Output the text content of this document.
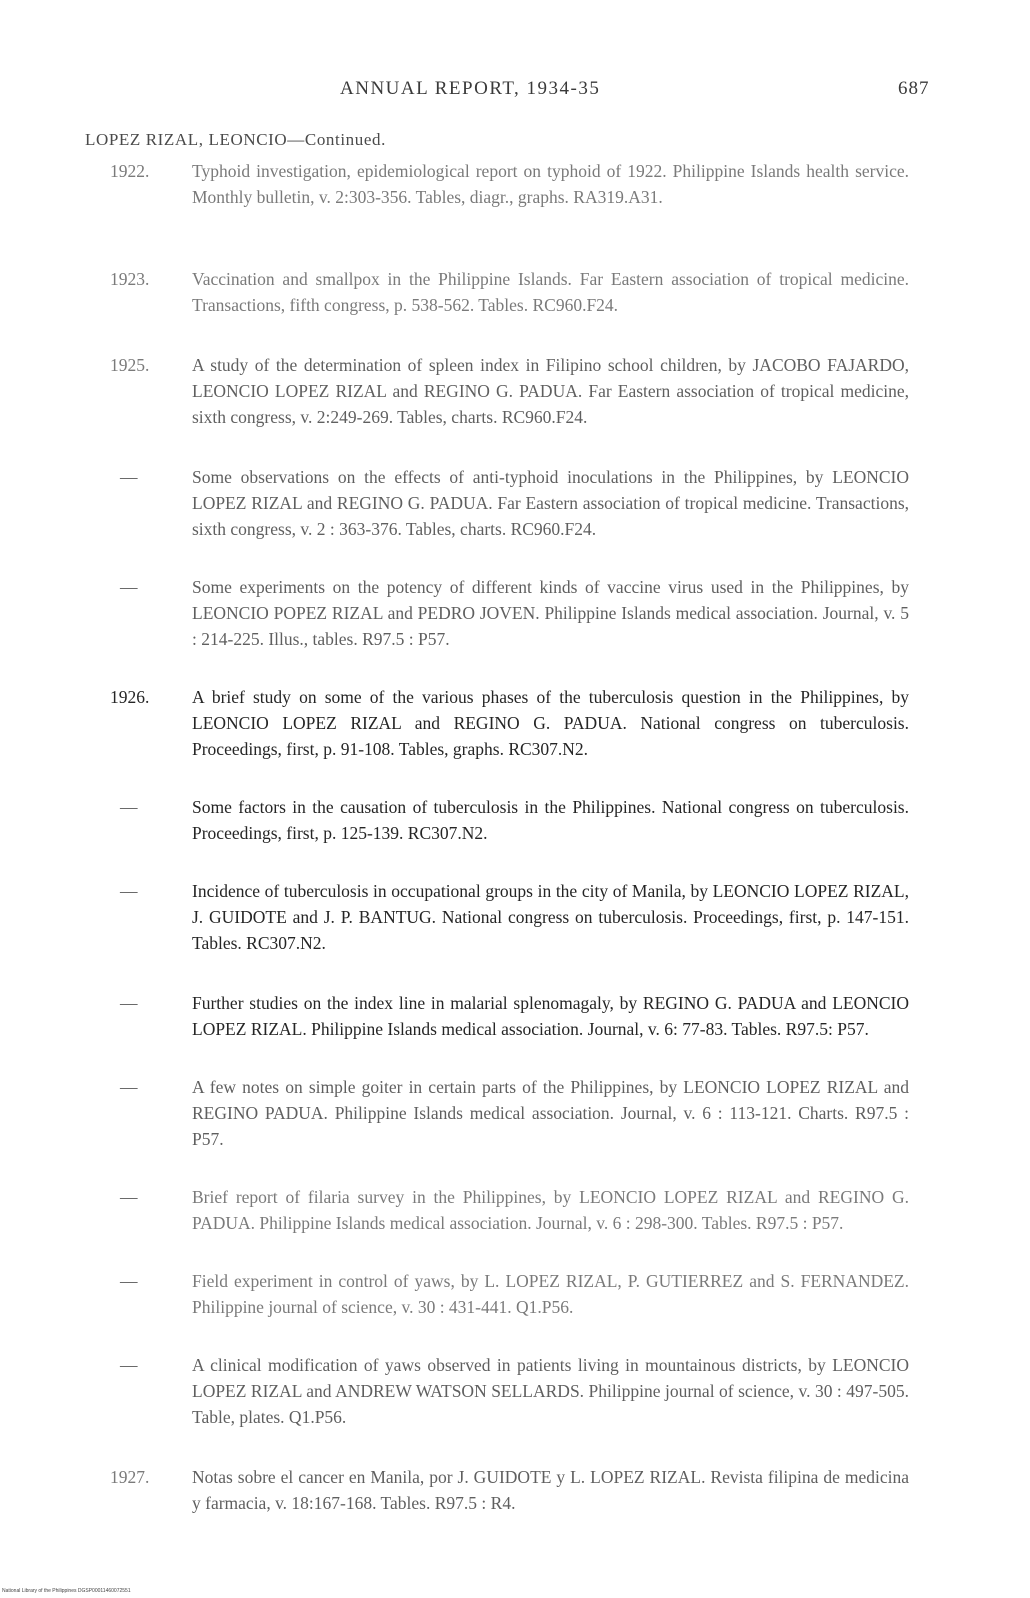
ANNUAL REPORT, 1934-35	687
LOPEZ RIZAL, LEONCIO—Continued.
1922.	Typhoid investigation, epidemiological report on typhoid of 1922. Philippine Islands health service. Monthly bulletin, v. 2:303-356. Tables, diagr., graphs. RA319.A31.
1923.	Vaccination and smallpox in the Philippine Islands. Far Eastern association of tropical medicine. Transactions, fifth congress, p. 538-562. Tables. RC960.F24.
1925.	A study of the determination of spleen index in Filipino school children, by JACOBO FAJARDO, LEONCIO LOPEZ RIZAL and REGINO G. PADUA. Far Eastern association of tropical medicine, sixth congress, v. 2:249-269. Tables, charts. RC960.F24.
—	Some observations on the effects of anti-typhoid inoculations in the Philippines, by LEONCIO LOPEZ RIZAL and REGINO G. PADUA. Far Eastern association of tropical medicine. Transactions, sixth congress, v. 2 : 363-376. Tables, charts. RC960.F24.
—	Some experiments on the potency of different kinds of vaccine virus used in the Philippines, by LEONCIO POPEZ RIZAL and PEDRO JOVEN. Philippine Islands medical association. Journal, v. 5 : 214-225. Illus., tables. R97.5 : P57.
1926.	A brief study on some of the various phases of the tuberculosis question in the Philippines, by LEONCIO LOPEZ RIZAL and REGINO G. PADUA. National congress on tuberculosis. Proceedings, first, p. 91-108. Tables, graphs. RC307.N2.
—	Some factors in the causation of tuberculosis in the Philippines. National congress on tuberculosis. Proceedings, first, p. 125-139. RC307.N2.
—	Incidence of tuberculosis in occupational groups in the city of Manila, by LEONCIO LOPEZ RIZAL, J. GUIDOTE and J. P. BANTUG. National congress on tuberculosis. Proceedings, first, p. 147-151. Tables. RC307.N2.
—	Further studies on the index line in malarial splenomagaly, by REGINO G. PADUA and LEONCIO LOPEZ RIZAL. Philippine Islands medical association. Journal, v. 6: 77-83. Tables. R97.5: P57.
—	A few notes on simple goiter in certain parts of the Philippines, by LEONCIO LOPEZ RIZAL and REGINO PADUA. Philippine Islands medical association. Journal, v. 6 : 113-121. Charts. R97.5 : P57.
—	Brief report of filaria survey in the Philippines, by LEONCIO LOPEZ RIZAL and REGINO G. PADUA. Philippine Islands medical association. Journal, v. 6 : 298-300. Tables. R97.5 : P57.
—	Field experiment in control of yaws, by L. LOPEZ RIZAL, P. GUTIERREZ and S. FERNANDEZ. Philippine journal of science, v. 30 : 431-441. Q1.P56.
—	A clinical modification of yaws observed in patients living in mountainous districts, by LEONCIO LOPEZ RIZAL and ANDREW WATSON SELLARDS. Philippine journal of science, v. 30 : 497-505. Table, plates. Q1.P56.
1927.	Notas sobre el cancer en Manila, por J. GUIDOTE y L. LOPEZ RIZAL. Revista filipina de medicina y farmacia, v. 18:167-168. Tables. R97.5 : R4.
National Library of the Philippines DGSP00011460072551
